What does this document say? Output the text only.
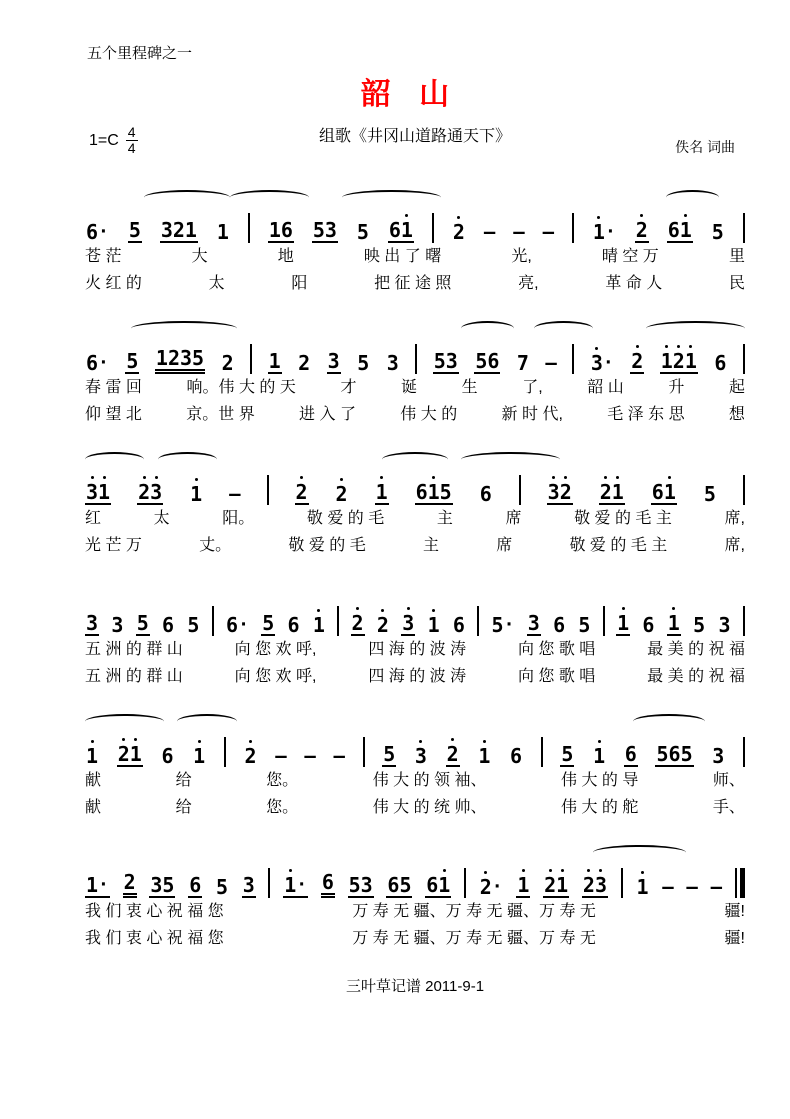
五个里程碑之一
韶 山
$1=C \frac{4}{4}$	组歌《井冈山道路通天下》
佚名 词曲
6 · 5 3 2 1 1 1 6 5 3 5 6 1 2 – – – 1 · 2 6 1 5
苍 茫	大	地	映 出 了 曙	光,	晴 空 万	里
火 红 的	太	阳	把 征 途 照	亮,	革 命 人	民
6 · 5 1 2 3 5 2 1 2 3 5 3 5 3 5 6 7 – 3 · 2 1 2 1 6
春 雷 回	响。伟 大 的 天	才	诞	生	了,	韶 山	升	起
仰 望 北	京。世 界	进 入 了	伟 大 的	新 时 代,	毛 泽 东 思	想
3 1 2 3 1 –	2 2 1 6 1 5 6	3 2 2 1 6 1 5
红	太	阳。	敬 爱 的 毛	主	席	敬 爱 的 毛 主	席,
光 芒 万	丈。	敬 爱 的 毛	主	席	敬 爱 的 毛 主	席,
3 3 5 6 5 6 · 5 6 1 2 2 3 1 6 5 · 3 6 5 1 6 1 5 3
五 洲 的 群 山	向 您 欢 呼,	四 海 的 波 涛	向 您 歌 唱	最 美 的 祝 福
五 洲 的 群 山	向 您 欢 呼,	四 海 的 波 涛	向 您 歌 唱	最 美 的 祝 福
1 2 1 6 1 2 – – – 5 3 2 1 6 5 1 6 5 6 5 3
献	给	您。	伟 大 的 领 袖、	伟 大 的 导	师、
献	给	您。	伟 大 的 统 帅、	伟 大 的 舵	手、
1 · 2 3 5 6 5 3 1 · 6 5 3 6 5 6 1 2 · 1 2 1 2 3 1 – – –
我 们 衷 心 祝 福 您	万 寿 无 疆、万 寿 无 疆、万 寿 无	疆!
我 们 衷 心 祝 福 您	万 寿 无 疆、万 寿 无 疆、万 寿 无	疆!
三叶草记谱 2011-9-1
